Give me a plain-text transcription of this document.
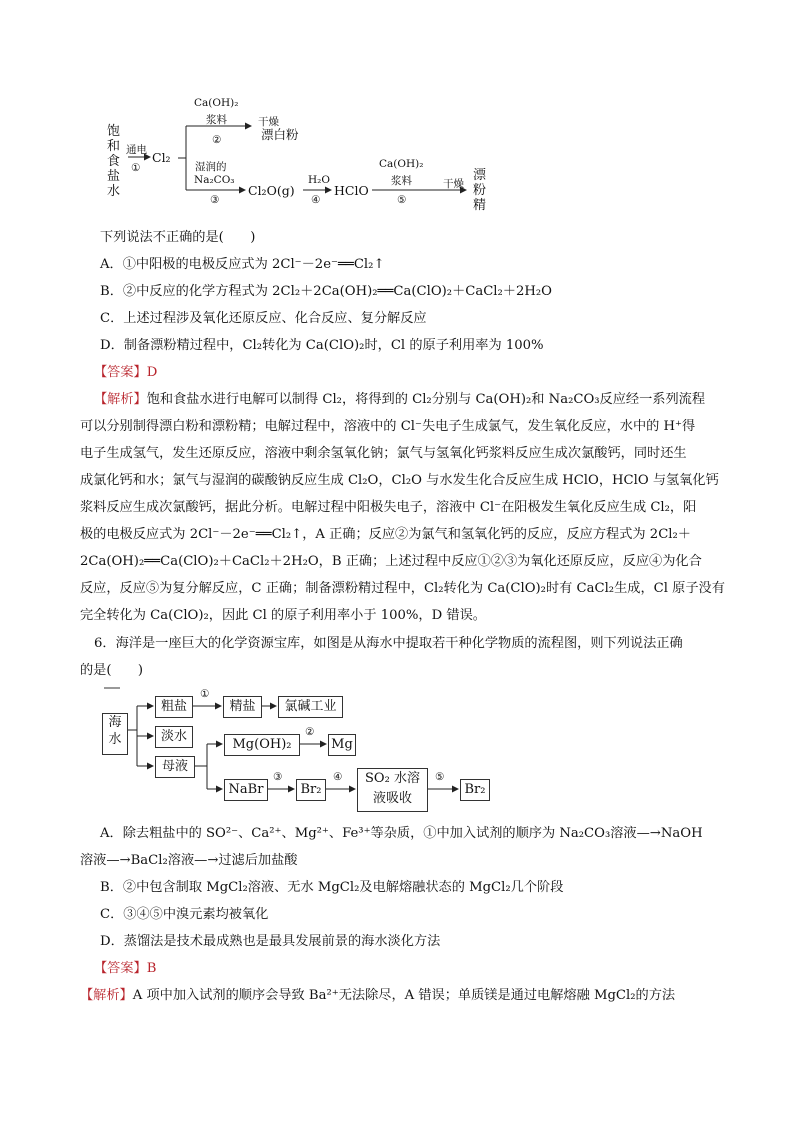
饱
和
食
盐
水
通电
①
Cl₂
Ca(OH)₂
浆料
②
干燥
漂白粉
湿润的
Na₂CO₃
③
Cl₂O(g)
H₂O
④
HClO
Ca(OH)₂
浆料
⑤
干燥
漂
粉
精
下列说法不正确的是(　　)
A．①中阳极的电极反应式为 2Cl⁻－2e⁻══Cl₂↑
B．②中反应的化学方程式为 2Cl₂＋2Ca(OH)₂══Ca(ClO)₂＋CaCl₂＋2H₂O
C．上述过程涉及氧化还原反应、化合反应、复分解反应
D．制备漂粉精过程中，Cl₂转化为 Ca(ClO)₂时，Cl 的原子利用率为 100%
【答案】D
【解析】饱和食盐水进行电解可以制得 Cl₂，将得到的 Cl₂分别与 Ca(OH)₂和 Na₂CO₃反应经一系列流程
可以分别制得漂白粉和漂粉精；电解过程中，溶液中的 Cl⁻失电子生成氯气，发生氧化反应，水中的 H⁺得
电子生成氢气，发生还原反应，溶液中剩余氢氧化钠；氯气与氢氧化钙浆料反应生成次氯酸钙，同时还生
成氯化钙和水；氯气与湿润的碳酸钠反应生成 Cl₂O，Cl₂O 与水发生化合反应生成 HClO，HClO 与氢氧化钙
浆料反应生成次氯酸钙，据此分析。电解过程中阳极失电子，溶液中 Cl⁻在阳极发生氧化反应生成 Cl₂，阳
极的电极反应式为 2Cl⁻－2e⁻══Cl₂↑，A 正确；反应②为氯气和氢氧化钙的反应，反应方程式为 2Cl₂＋
2Ca(OH)₂══Ca(ClO)₂＋CaCl₂＋2H₂O，B 正确；上述过程中反应①②③为氧化还原反应，反应④为化合
反应，反应⑤为复分解反应，C 正确；制备漂粉精过程中，Cl₂转化为 Ca(ClO)₂时有 CaCl₂生成，Cl 原子没有
完全转化为 Ca(ClO)₂，因此 Cl 的原子利用率小于 100%，D 错误。
6．海洋是一座巨大的化学资源宝库，如图是从海水中提取若干种化学物质的流程图，则下列说法正确
的是(　　)
海
水
粗盐
①
精盐	氯碱工业
淡水
母液
Mg(OH)₂
②
Mg
NaBr
③
Br₂
④	SO₂ 水溶
液吸收
⑤
Br₂
A．除去粗盐中的 SO²⁻、Ca²⁺、Mg²⁺、Fe³⁺等杂质，①中加入试剂的顺序为 Na₂CO₃溶液—→NaOH
溶液—→BaCl₂溶液—→过滤后加盐酸
B．②中包含制取 MgCl₂溶液、无水 MgCl₂及电解熔融状态的 MgCl₂几个阶段
C．③④⑤中溴元素均被氧化
D．蒸馏法是技术最成熟也是最具发展前景的海水淡化方法
【答案】B
【解析】A 项中加入试剂的顺序会导致 Ba²⁺无法除尽，A 错误；单质镁是通过电解熔融 MgCl₂的方法
